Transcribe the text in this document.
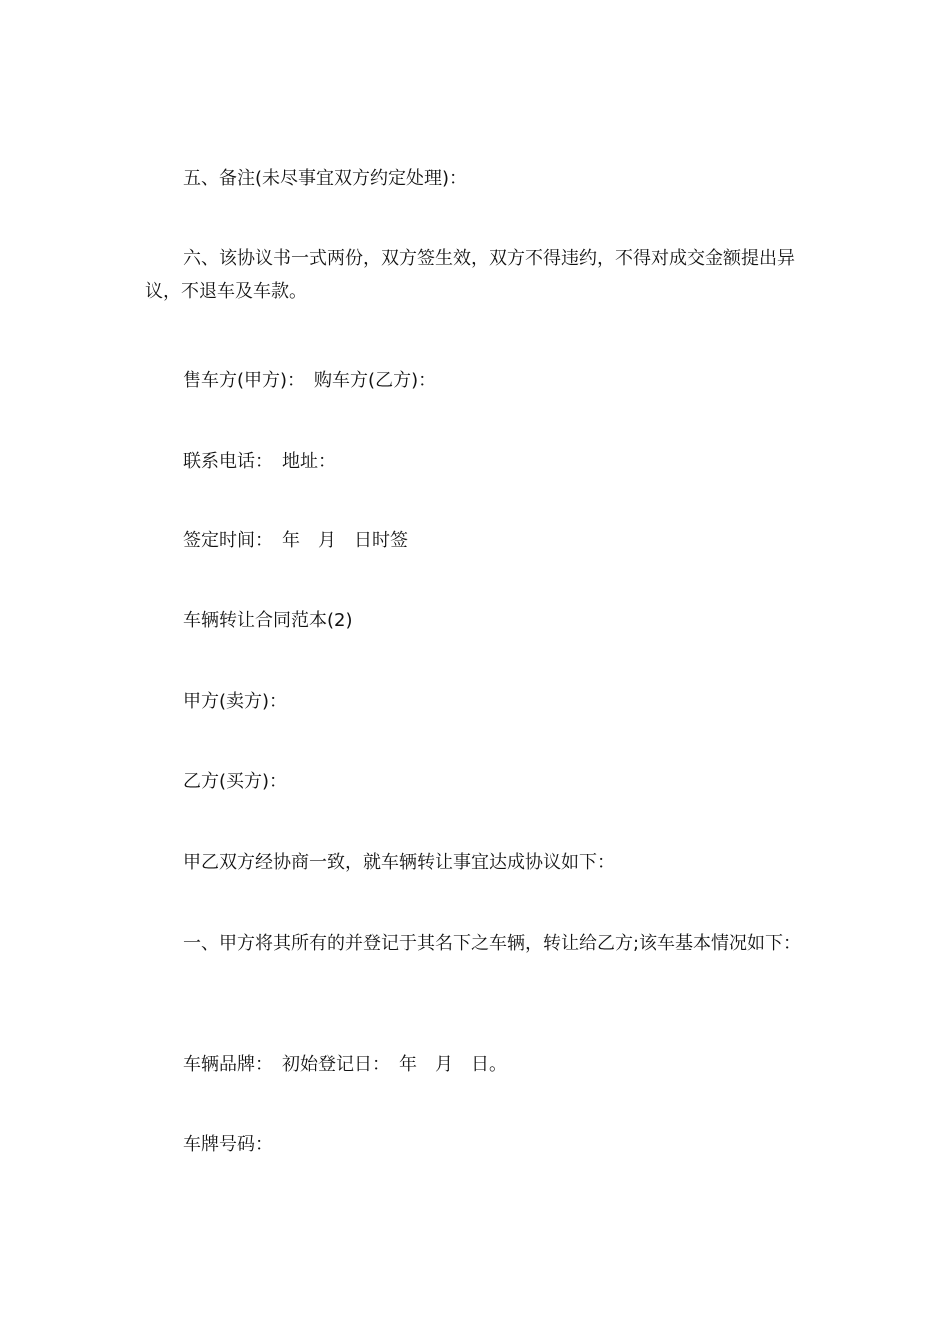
五、备注(未尽事宜双方约定处理)：

六、该协议书一式两份，双方签生效，双方不得违约，不得对成交金额提出异议，不退车及车款。

售车方(甲方)：　购车方(乙方)：

联系电话：　地址：

签定时间：　年　月　日时签

车辆转让合同范本(2)

甲方(卖方)：

乙方(买方)：

甲乙双方经协商一致，就车辆转让事宜达成协议如下：

一、甲方将其所有的并登记于其名下之车辆，转让给乙方;该车基本情况如下：

车辆品牌：　初始登记日：　年　月　日。

车牌号码：
